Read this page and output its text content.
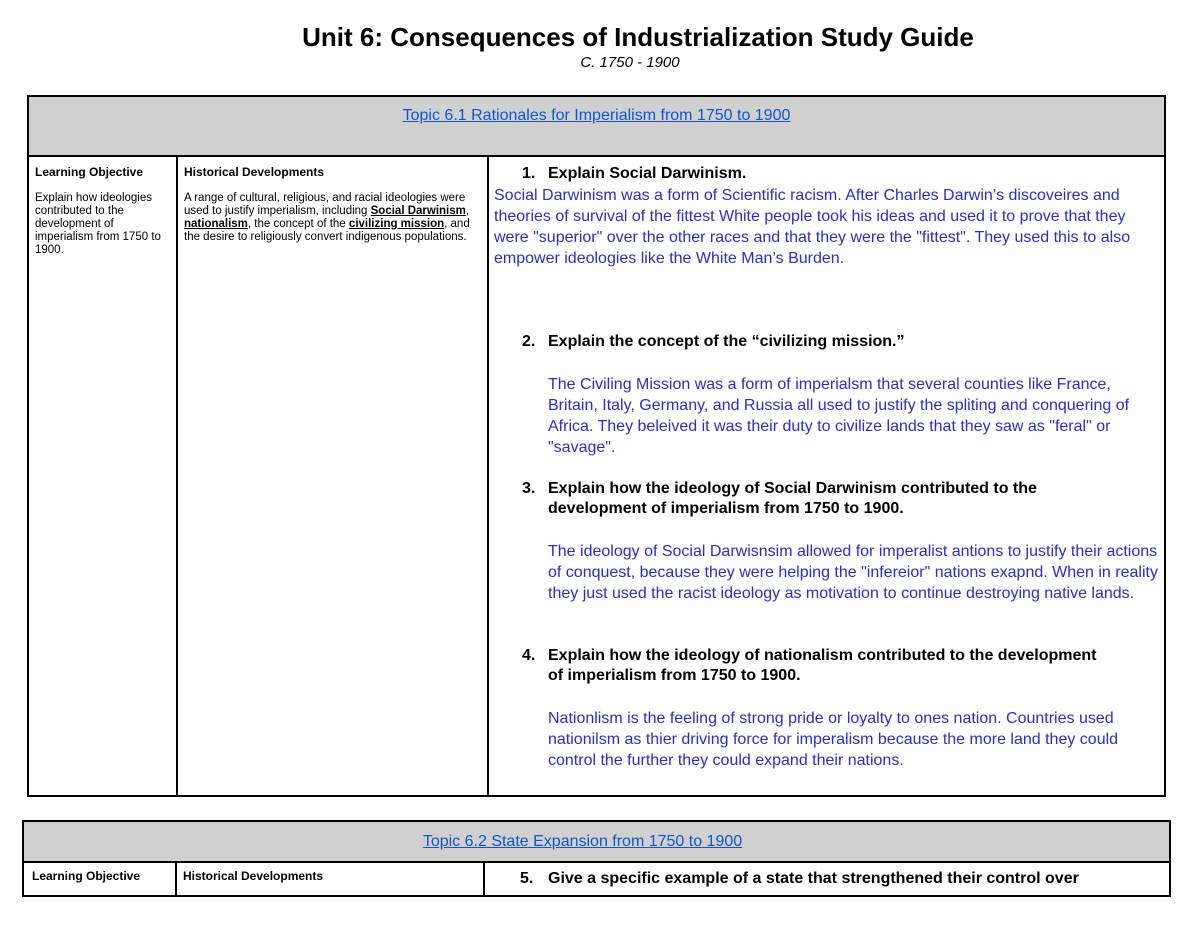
Unit 6: Consequences of Industrialization Study Guide
C. 1750 - 1900
Topic 6.1 Rationales for Imperialism from 1750 to 1900
Learning Objective
Explain how ideologies contributed to the development of imperialism from 1750 to 1900.
Historical Developments
A range of cultural, religious, and racial ideologies were used to justify imperialism, including Social Darwinism, nationalism, the concept of the civilizing mission, and the desire to religiously convert indigenous populations.
1. Explain Social Darwinism.
Social Darwinism was a form of Scientific racism. After Charles Darwin’s discoveires and theories of survival of the fittest White people took his ideas and used it to prove that they were "superior" over the other races and that they were the "fittest". They used this to also empower ideologies like the White Man’s Burden.
2. Explain the concept of the “civilizing mission.”
The Civiling Mission was a form of imperialsm that several counties like France, Britain, Italy, Germany, and Russia all used to justify the spliting and conquering of Africa. They beleived it was their duty to civilize lands that they saw as "feral" or "savage".
3. Explain how the ideology of Social Darwinism contributed to the development of imperialism from 1750 to 1900.
The ideology of Social Darwisnsim allowed for imperalist antions to justify their actions of conquest, because they were helping the "infereior" nations exapnd. When in reality they just used the racist ideology as motivation to continue destroying native lands.
4. Explain how the ideology of nationalism contributed to the development of imperialism from 1750 to 1900.
Nationlism is the feeling of strong pride or loyalty to ones nation. Countries used nationilsm as thier driving force for imperalism because the more land they could control the further they could expand their nations.
Topic 6.2 State Expansion from 1750 to 1900
Learning Objective	Historical Developments	5. Give a specific example of a state that strengthened their control over
